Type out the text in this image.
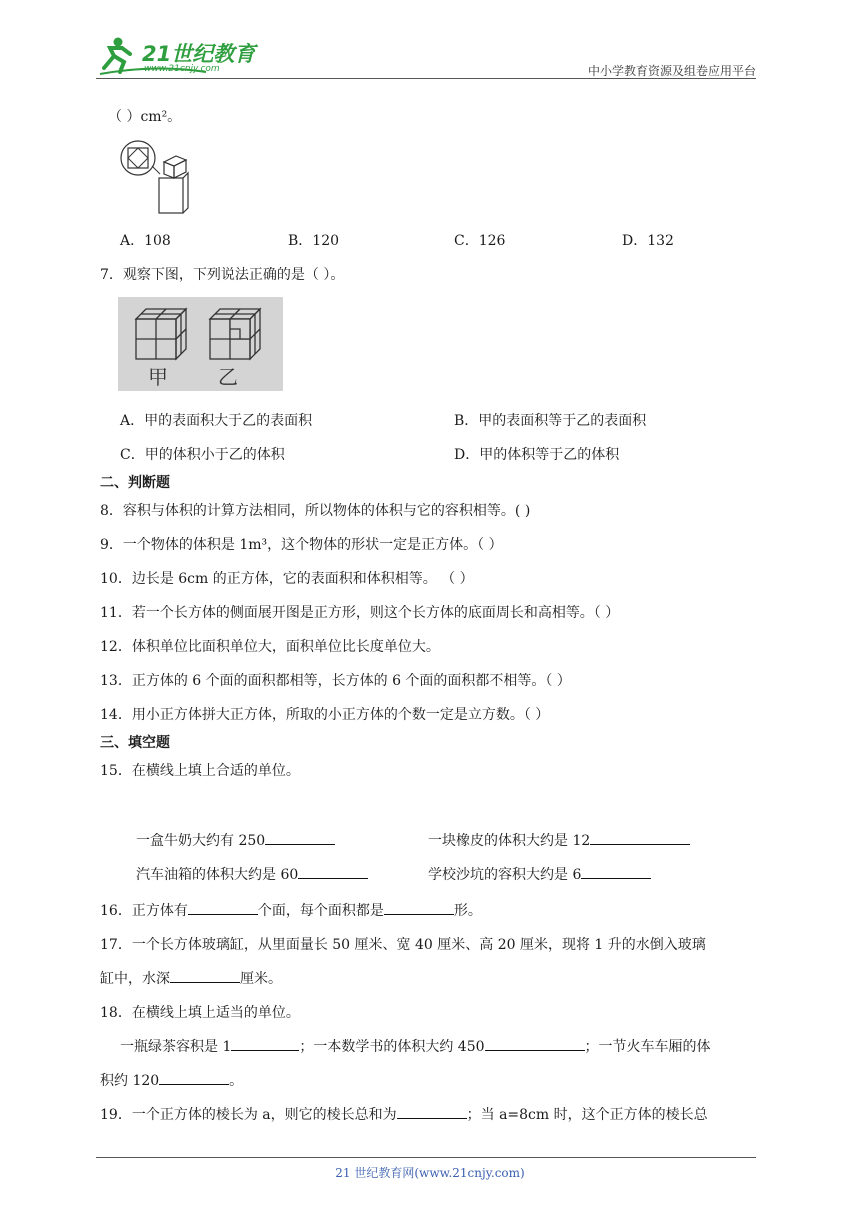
21世纪教育
www.21cnjy.com	中小学教育资源及组卷应用平台
（ ）cm²。
A．108	B．120	C．126	D．132
7．观察下图，下列说法正确的是（ ）。
甲	乙
A．甲的表面积大于乙的表面积	B．甲的表面积等于乙的表面积
C．甲的体积小于乙的体积	D．甲的体积等于乙的体积
二、判断题
8．容积与体积的计算方法相同，所以物体的体积与它的容积相等。( )
9．一个物体的体积是 1m³，这个物体的形状一定是正方体。（ ）
10．边长是 6cm 的正方体，它的表面积和体积相等。 （ ）
11．若一个长方体的侧面展开图是正方形，则这个长方体的底面周长和高相等。（ ）
12．体积单位比面积单位大，面积单位比长度单位大。
13．正方体的 6 个面的面积都相等，长方体的 6 个面的面积都不相等。（ ）
14．用小正方体拼大正方体，所取的小正方体的个数一定是立方数。（ ）
三、填空题
15．在横线上填上合适的单位。
一盒牛奶大约有 250	一块橡皮的体积大约是 12
汽车油箱的体积大约是 60	学校沙坑的容积大约是 6
16．正方体有	个面，每个面积都是	形。
17．一个长方体玻璃缸，从里面量长 50 厘米、宽 40 厘米、高 20 厘米，现将 1 升的水倒入玻璃
缸中，水深	厘米。
18．在横线上填上适当的单位。
一瓶绿茶容积是 1	；一本数学书的体积大约 450	；一节火车车厢的体
积约 120	。
19．一个正方体的棱长为 a，则它的棱长总和为	；当 a=8cm 时，这个正方体的棱长总
21 世纪教育网(www.21cnjy.com)
